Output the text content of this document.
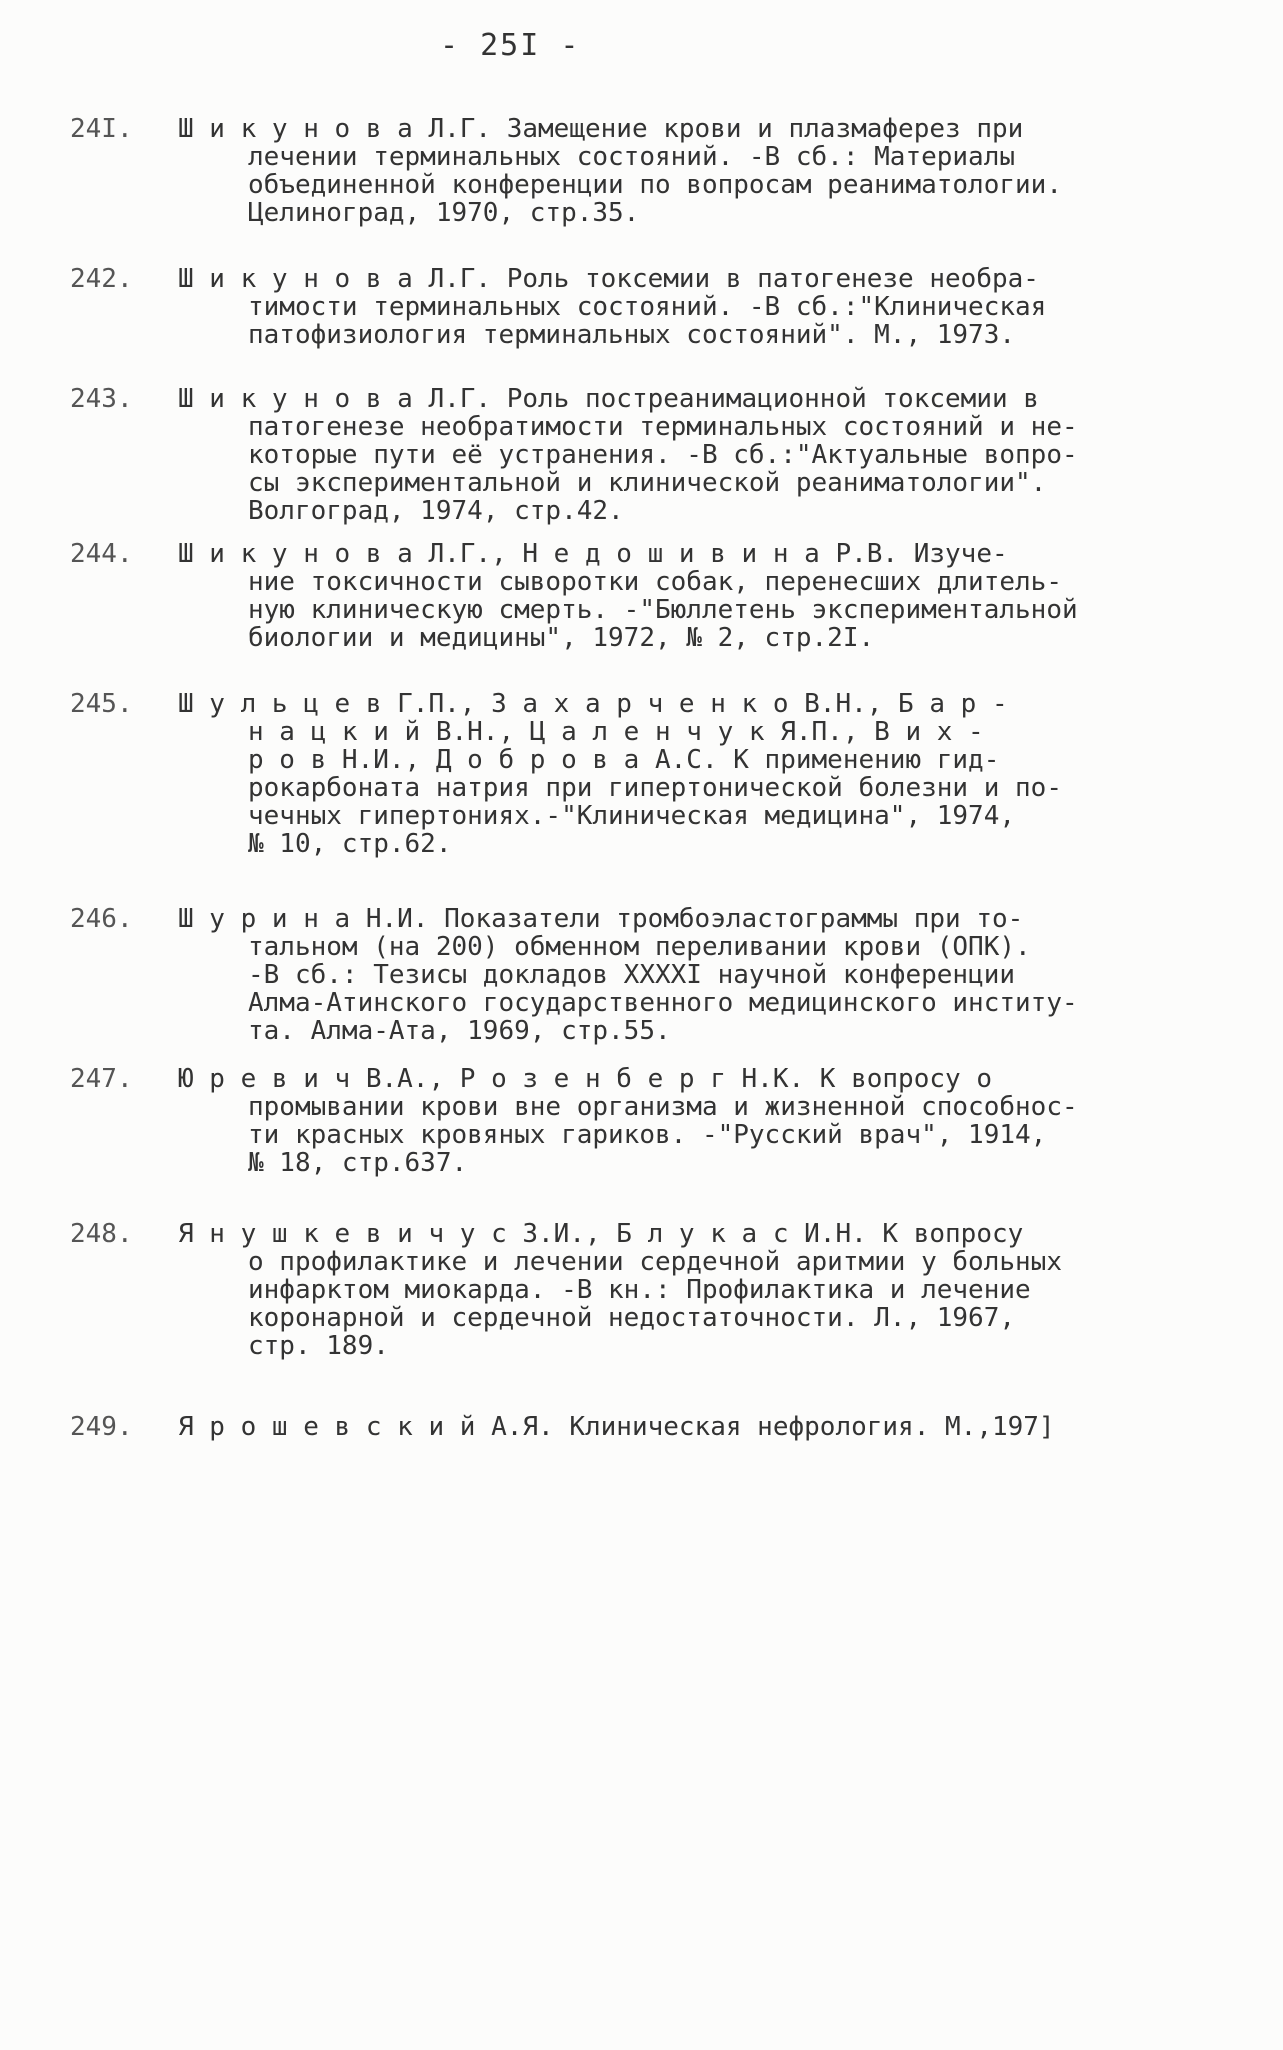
- 25I -
24I. Ш и к у н о в а Л.Г. Замещение крови и плазмаферез при
лечении терминальных состояний. -В сб.: Материалы
объединенной конференции по вопросам реаниматологии.
Целиноград, 1970, стр.35.
242. Ш и к у н о в а Л.Г. Роль токсемии в патогенезе необра-
тимости терминальных состояний. -В сб.:"Клиническая
патофизиология терминальных состояний". М., 1973.
243. Ш и к у н о в а Л.Г. Роль постреанимационной токсемии в
патогенезе необратимости терминальных состояний и не-
которые пути её устранения. -В сб.:"Актуальные вопро-
сы экспериментальной и клинической реаниматологии".
Волгоград, 1974, стр.42.
244. Ш и к у н о в а Л.Г., Н е д о ш и в и н а Р.В. Изуче-
ние токсичности сыворотки собак, перенесших длитель-
ную клиническую смерть. -"Бюллетень экспериментальной
биологии и медицины", 1972, № 2, стр.2I.
245. Ш у л ь ц е в Г.П., З а х а р ч е н к о В.Н., Б а р -
н а ц к и й В.Н., Ц а л е н ч у к Я.П., В и х -
р о в Н.И., Д о б р о в а А.С. К применению гид-
рокарбоната натрия при гипертонической болезни и по-
чечных гипертониях.-"Клиническая медицина", 1974,
№ 10, стр.62.
246. Ш у р и н а Н.И. Показатели тромбоэластограммы при то-
тальном (на 200) обменном переливании крови (ОПК).
-В сб.: Тезисы докладов XXXXI научной конференции
Алма-Атинского государственного медицинского институ-
та. Алма-Ата, 1969, стр.55.
247. Ю р е в и ч В.А., Р о з е н б е р г Н.К. К вопросу о
промывании крови вне организма и жизненной способнос-
ти красных кровяных гариков. -"Русский врач", 1914,
№ 18, стр.637.
248. Я н у ш к е в и ч у с З.И., Б л у к а с И.Н. К вопросу
о профилактике и лечении сердечной аритмии у больных
инфарктом миокарда. -В кн.: Профилактика и лечение
коронарной и сердечной недостаточности. Л., 1967,
стр. 189.
249. Я р о ш е в с к и й А.Я. Клиническая нефрология. М.,197]
